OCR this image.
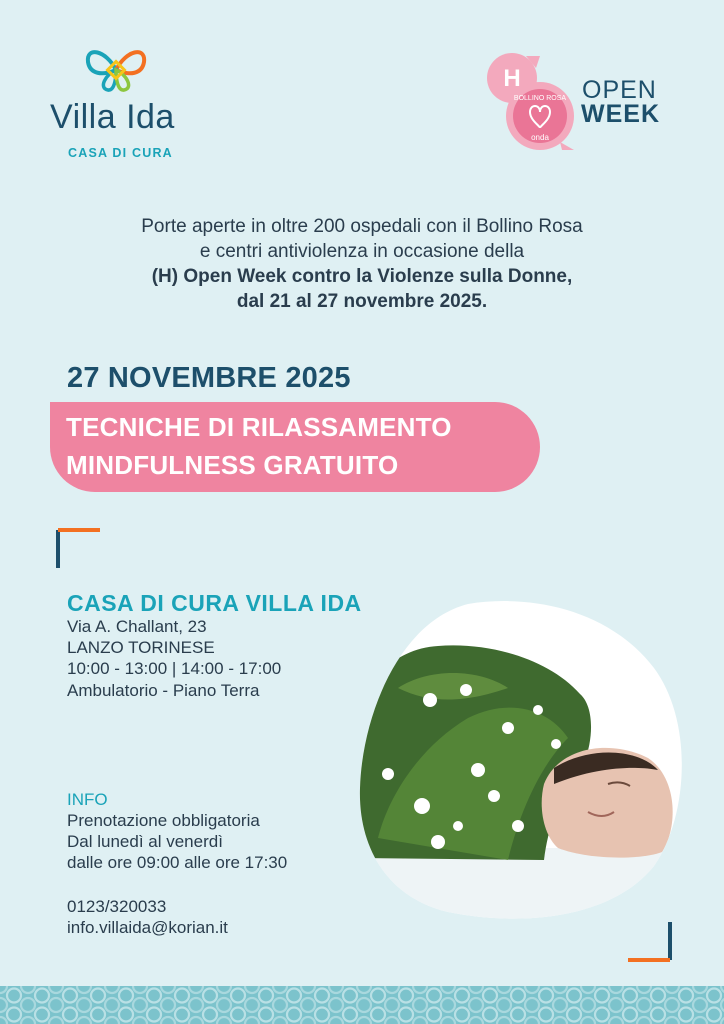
Villa Ida
CASA DI CURA
H
BOLLINO ROSA
onda
OPEN
WEEK
Porte aperte in oltre 200 ospedali con il Bollino Rosa
e centri antiviolenza in occasione della
(H) Open Week contro la Violenze sulla Donne,
dal 21 al 27 novembre 2025.
27 NOVEMBRE 2025
TECNICHE DI RILASSAMENTO
MINDFULNESS GRATUITO
CASA DI CURA VILLA IDA
Via A. Challant, 23
LANZO TORINESE
10:00 - 13:00 | 14:00 - 17:00
Ambulatorio - Piano Terra
INFO
Prenotazione obbligatoria
Dal lunedì al venerdì
dalle ore 09:00 alle ore 17:30
0123/320033
info.villaida@korian.it
